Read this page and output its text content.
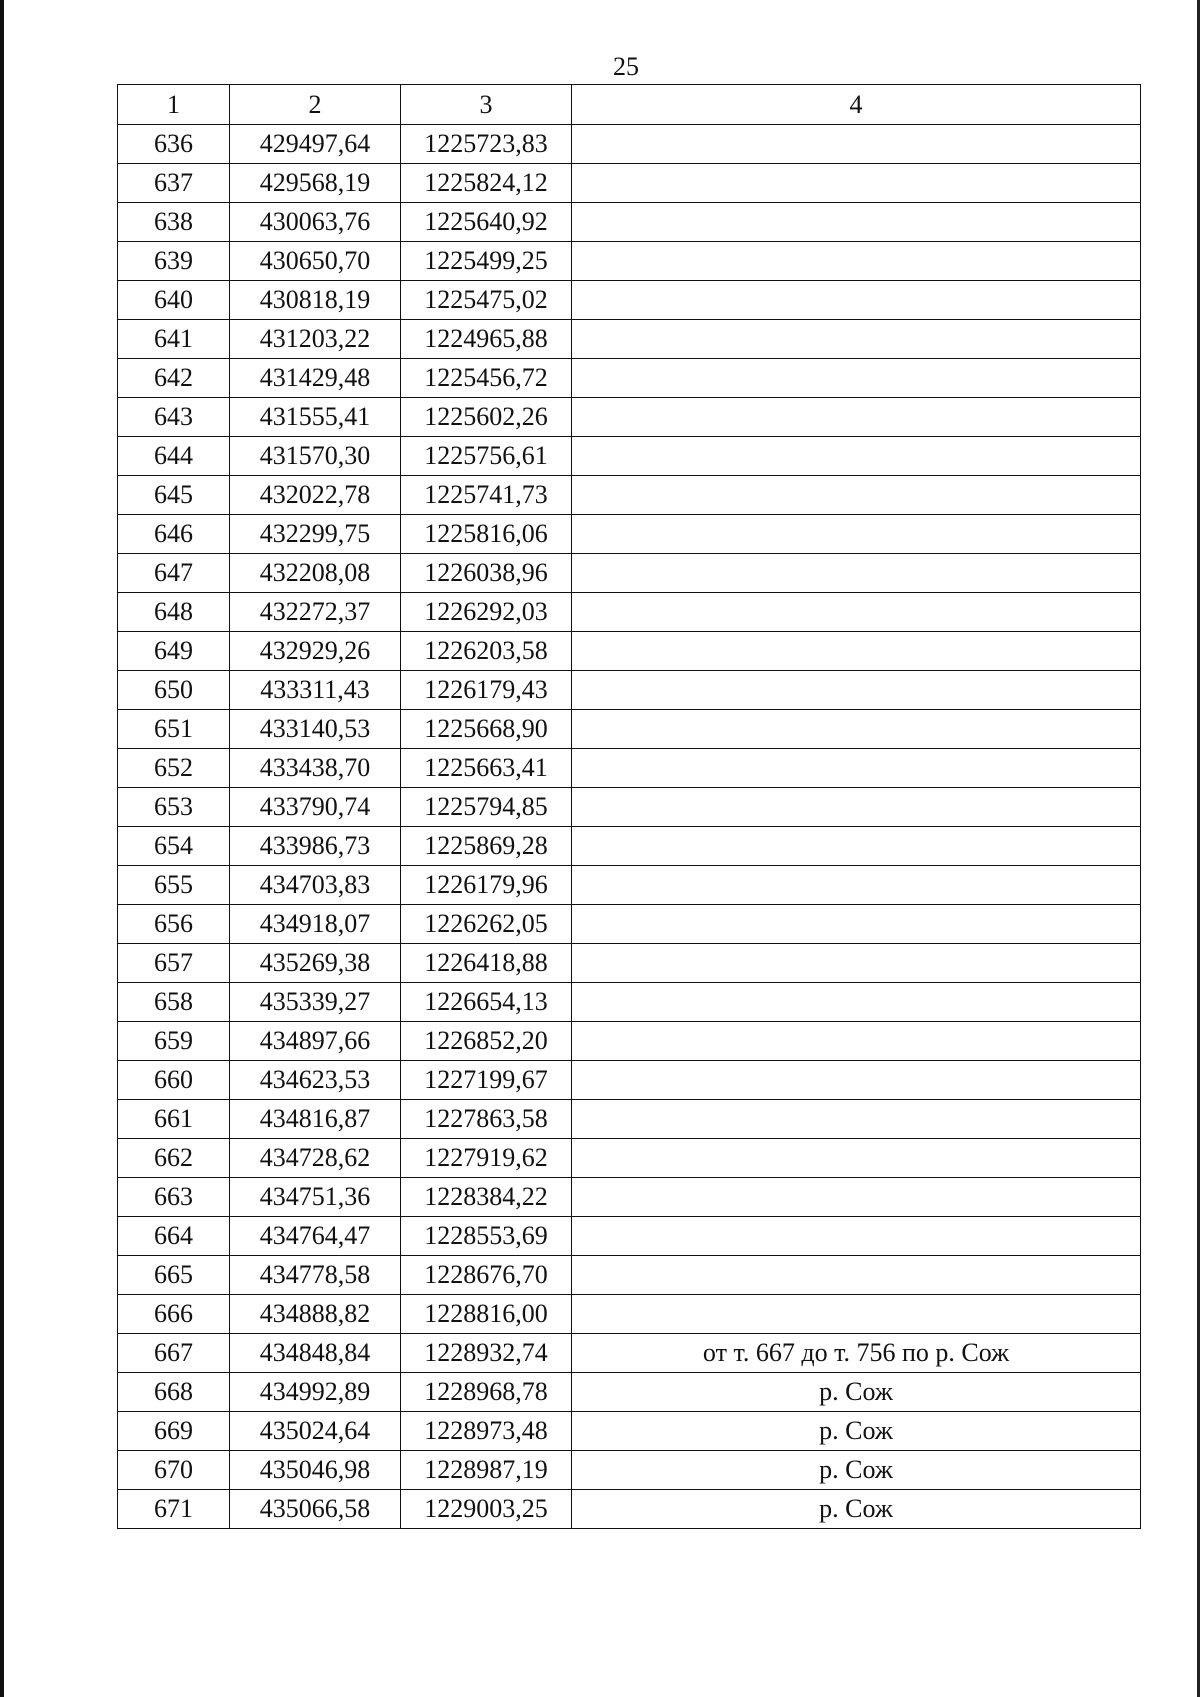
25
1	2	3	4
636	429497,64	1225723,83	
637	429568,19	1225824,12	
638	430063,76	1225640,92	
639	430650,70	1225499,25	
640	430818,19	1225475,02	
641	431203,22	1224965,88	
642	431429,48	1225456,72	
643	431555,41	1225602,26	
644	431570,30	1225756,61	
645	432022,78	1225741,73	
646	432299,75	1225816,06	
647	432208,08	1226038,96	
648	432272,37	1226292,03	
649	432929,26	1226203,58	
650	433311,43	1226179,43	
651	433140,53	1225668,90	
652	433438,70	1225663,41	
653	433790,74	1225794,85	
654	433986,73	1225869,28	
655	434703,83	1226179,96	
656	434918,07	1226262,05	
657	435269,38	1226418,88	
658	435339,27	1226654,13	
659	434897,66	1226852,20	
660	434623,53	1227199,67	
661	434816,87	1227863,58	
662	434728,62	1227919,62	
663	434751,36	1228384,22	
664	434764,47	1228553,69	
665	434778,58	1228676,70	
666	434888,82	1228816,00	
667	434848,84	1228932,74	от т. 667 до т. 756 по р. Сож
668	434992,89	1228968,78	р. Сож
669	435024,64	1228973,48	р. Сож
670	435046,98	1228987,19	р. Сож
671	435066,58	1229003,25	р. Сож
